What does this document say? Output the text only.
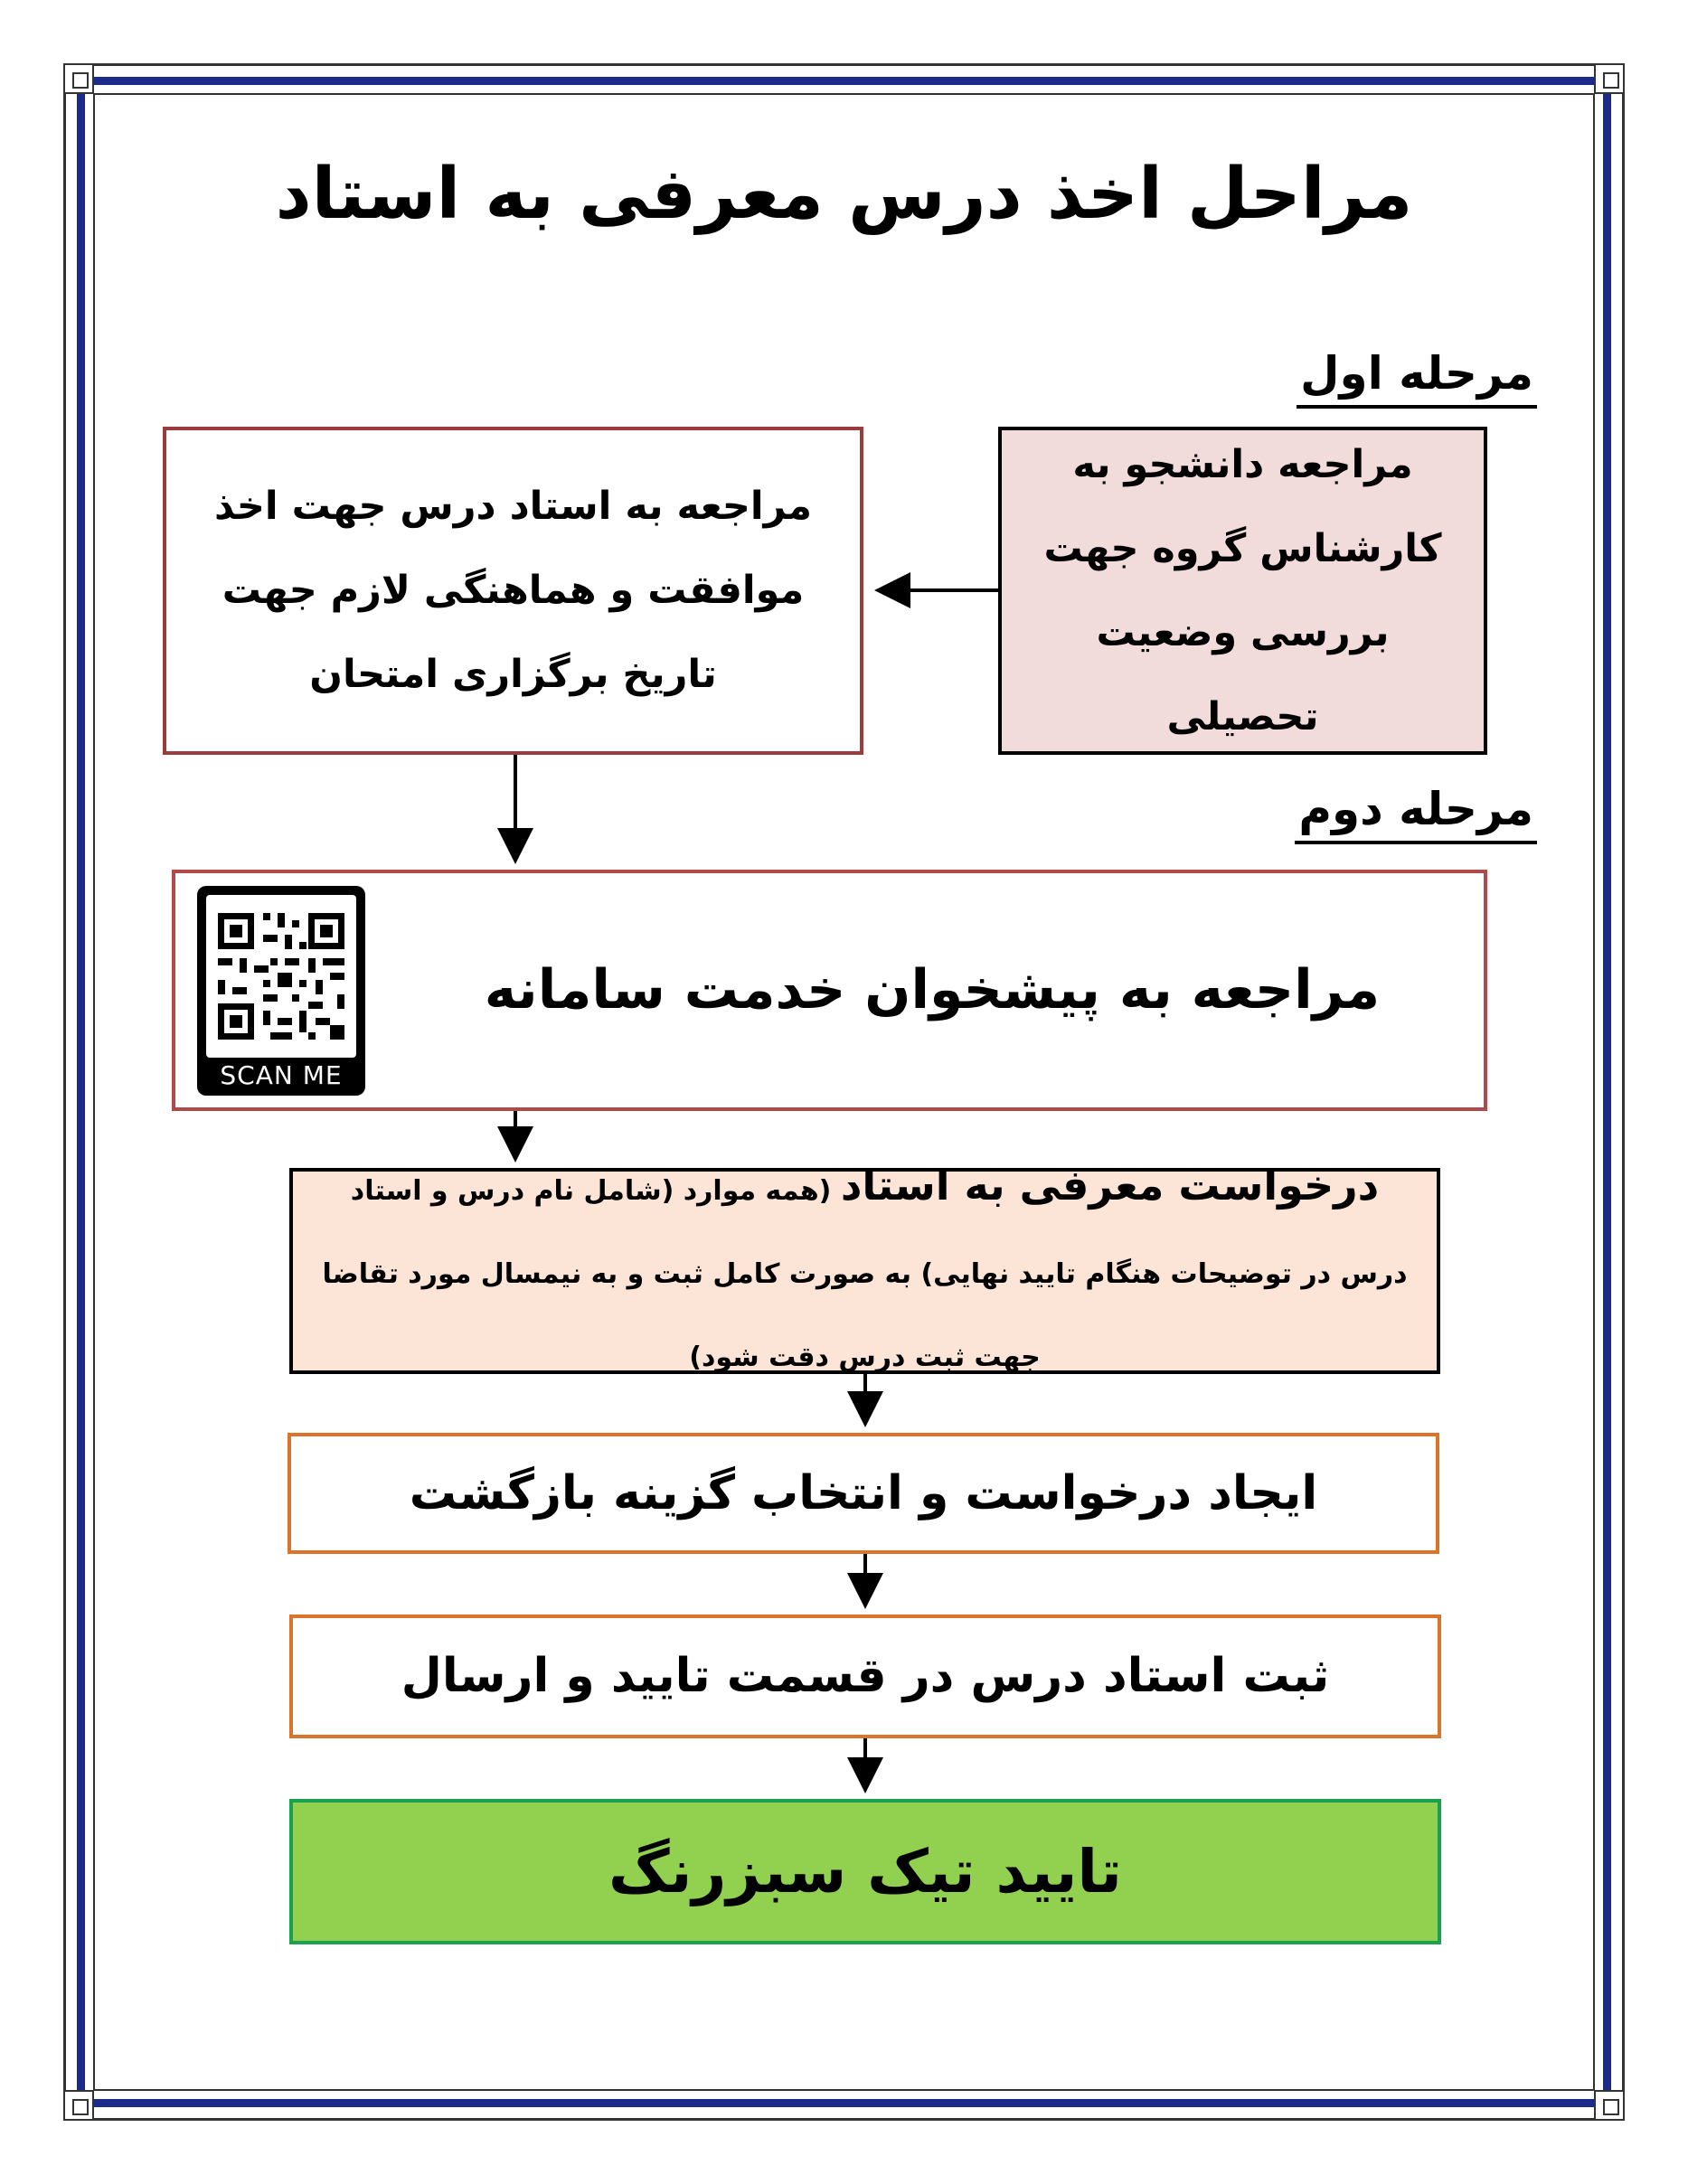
مراحل اخذ درس معرفی به استاد
مرحله اول
مرحله دوم
مراجعه دانشجو به کارشناس گروه جهت بررسی وضعیت تحصیلی
مراجعه به استاد درس جهت اخذ موافقت و هماهنگی لازم جهت تاریخ برگزاری امتحان
مراجعه به پیشخوان خدمت سامانه
SCAN ME
درخواست معرفی به استاد (همه موارد (شامل نام درس و استاد درس در توضیحات هنگام تایید نهایی) به صورت کامل ثبت و به نیمسال مورد تقاضا جهت ثبت درس دقت شود)
ایجاد درخواست و انتخاب گزینه بازگشت
ثبت استاد درس در قسمت تایید و ارسال
تایید تیک سبزرنگ
